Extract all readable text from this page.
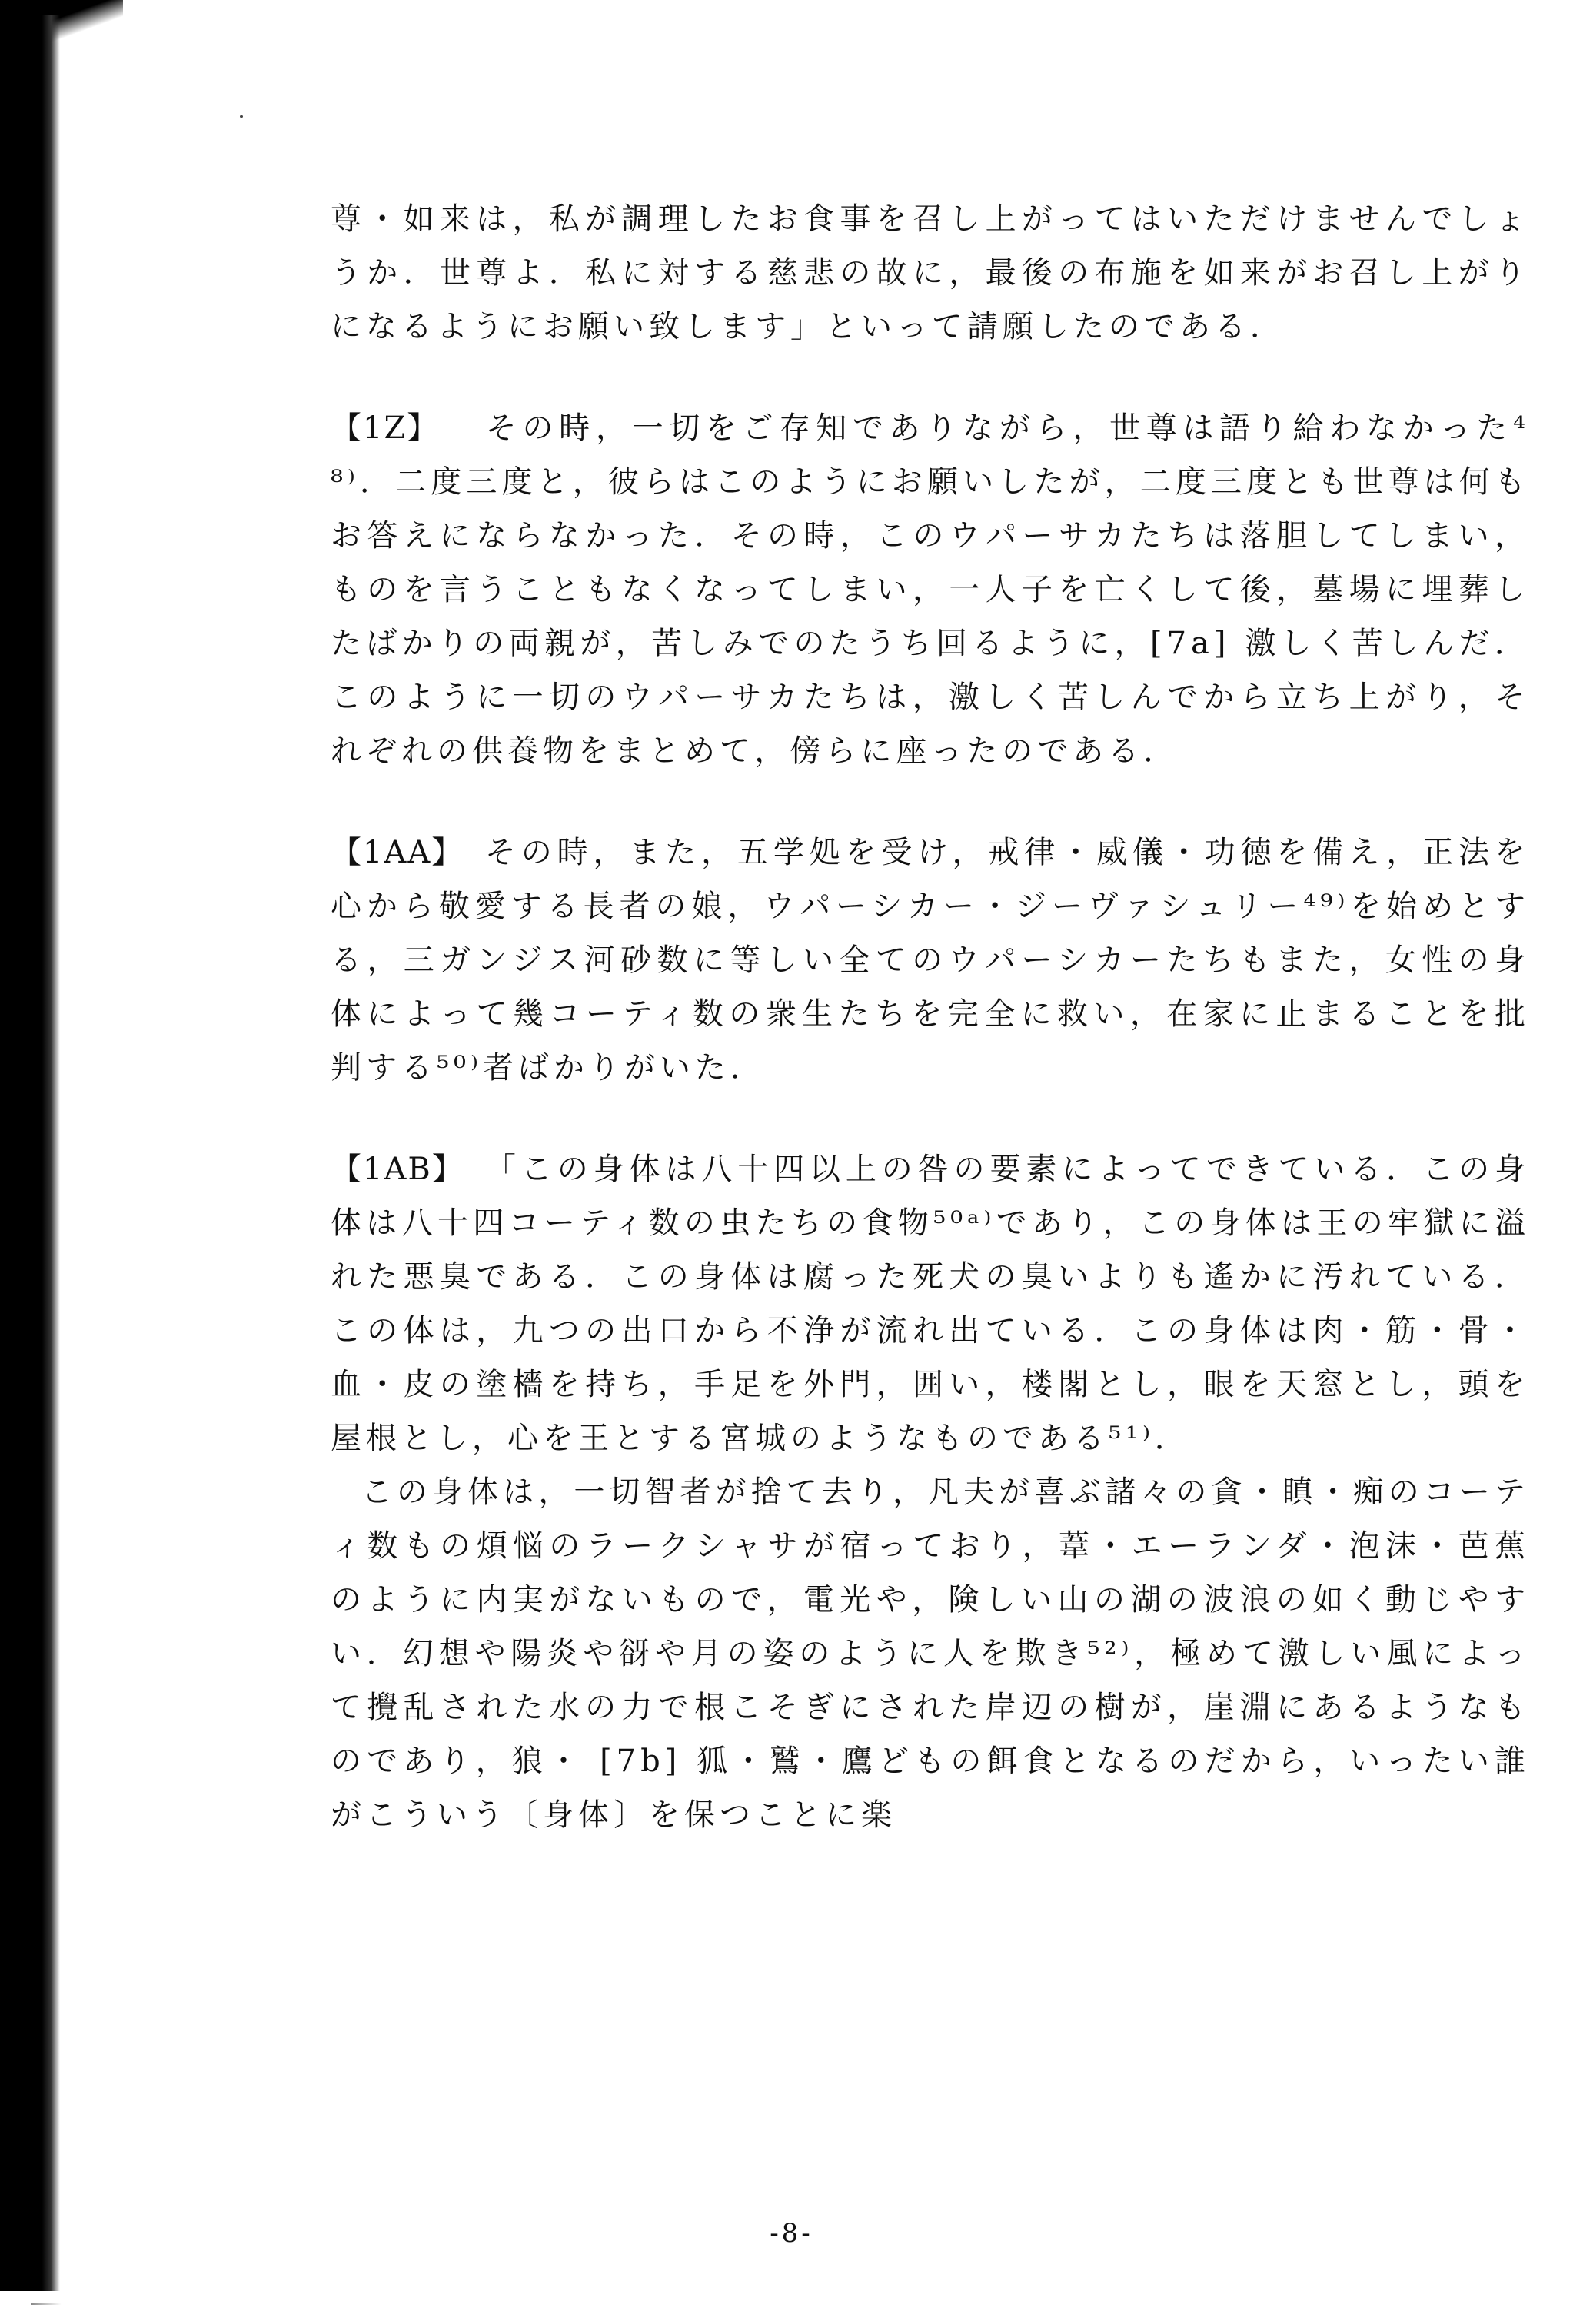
尊・如来は，私が調理したお食事を召し上がってはいただけませんでしょうか．世尊よ．私に対する慈悲の故に，最後の布施を如来がお召し上がりになるようにお願い致します」といって請願したのである．

【1Z】 その時，一切をご存知でありながら，世尊は語り給わなかった⁴⁸⁾．二度三度と，彼らはこのようにお願いしたが，二度三度とも世尊は何もお答えにならなかった．その時，このウパーサカたちは落胆してしまい，ものを言うこともなくなってしまい，一人子を亡くして後，墓場に埋葬したばかりの両親が，苦しみでのたうち回るように，[7a] 激しく苦しんだ．このように一切のウパーサカたちは，激しく苦しんでから立ち上がり，それぞれの供養物をまとめて，傍らに座ったのである．

【1AA】 その時，また，五学処を受け，戒律・威儀・功徳を備え，正法を心から敬愛する長者の娘，ウパーシカー・ジーヴァシュリー⁴⁹⁾を始めとする，三ガンジス河砂数に等しい全てのウパーシカーたちもまた，女性の身体によって幾コーティ数の衆生たちを完全に救い，在家に止まることを批判する⁵⁰⁾者ばかりがいた．

【1AB】 「この身体は八十四以上の咎の要素によってできている．この身体は八十四コーティ数の虫たちの食物⁵⁰ᵃ⁾であり，この身体は王の牢獄に溢れた悪臭である．この身体は腐った死犬の臭いよりも遙かに汚れている．この体は，九つの出口から不浄が流れ出ている．この身体は肉・筋・骨・血・皮の塗檣を持ち，手足を外門，囲い，楼閣とし，眼を天窓とし，頭を屋根とし，心を王とする宮城のようなものである⁵¹⁾．

この身体は，一切智者が捨て去り，凡夫が喜ぶ諸々の貪・瞋・痴のコーティ数もの煩悩のラークシャサが宿っており，葦・エーランダ・泡沫・芭蕉のように内実がないもので，電光や，険しい山の湖の波浪の如く動じやすい．幻想や陽炎や谺や月の姿のように人を欺き⁵²⁾，極めて激しい風によって攪乱された水の力で根こそぎにされた岸辺の樹が，崖淵にあるようなものであり，狼・ [7b] 狐・鷲・鷹どもの餌食となるのだから，いったい誰がこういう〔身体〕を保つことに楽

-8-
